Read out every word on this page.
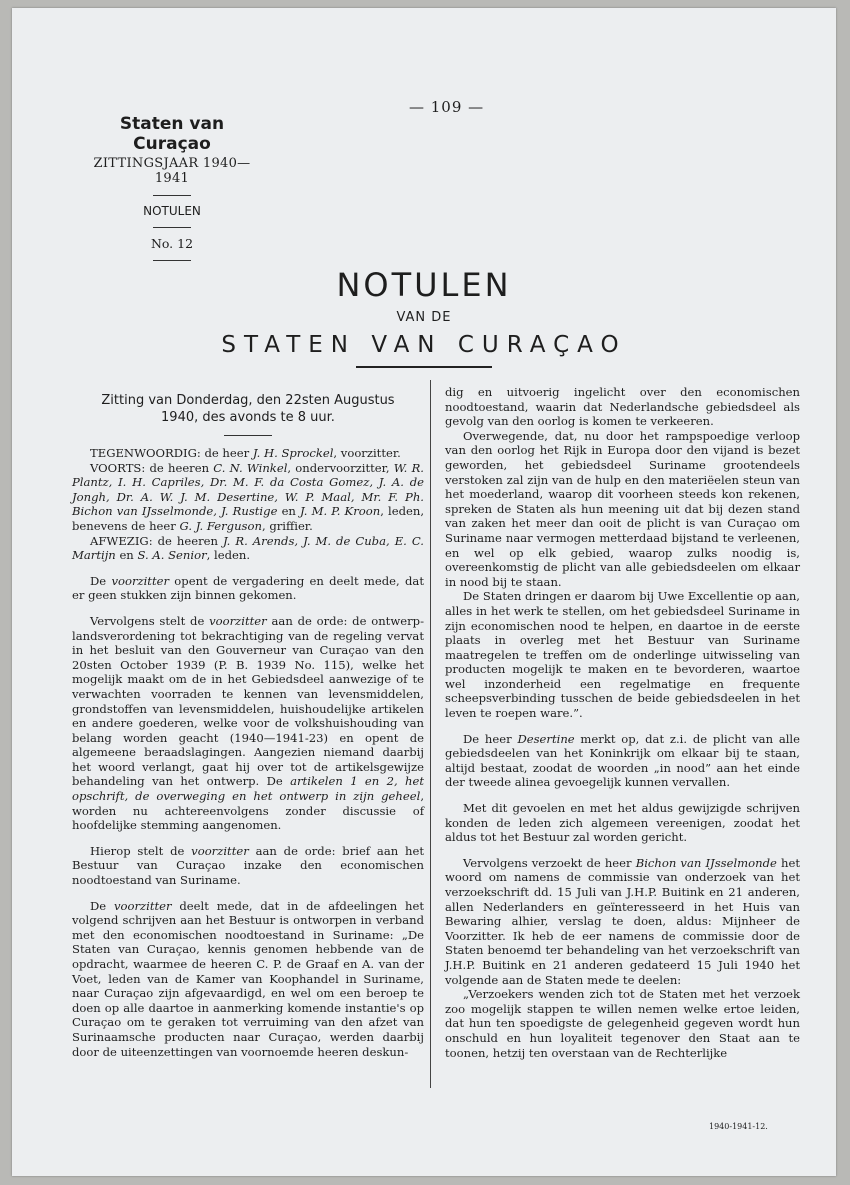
— 109 —
Staten van Curaçao
ZITTINGSJAAR 1940—1941
NOTULEN
No. 12
NOTULEN
VAN DE
STATEN VAN CURAÇAO
Zitting van Donderdag, den 22sten Augustus
1940, des avonds te 8 uur.

TEGENWOORDIG: de heer J. H. Sprockel, voorzitter.

VOORTS: de heeren C. N. Winkel, ondervoorzitter, W. R. Plantz, I. H. Capriles, Dr. M. F. da Costa Gomez, J. A. de Jongh, Dr. A. W. J. M. Desertine, W. P. Maal, Mr. F. Ph. Bichon van IJsselmonde, J. Rustige en J. M. P. Kroon, leden, benevens de heer G. J. Ferguson, griffier.

AFWEZIG: de heeren J. R. Arends, J. M. de Cuba, E. C. Martijn en S. A. Senior, leden.

De voorzitter opent de vergadering en deelt mede, dat er geen stukken zijn binnen gekomen.

Vervolgens stelt de voorzitter aan de orde: de ontwerp-landsverordening tot bekrachtiging van de regeling vervat in het besluit van den Gouverneur van Curaçao van den 20sten October 1939 (P. B. 1939 No. 115), welke het mogelijk maakt om de in het Gebiedsdeel aanwezige of te verwachten voorraden te kennen van levensmiddelen, grondstoffen van levensmiddelen, huishoudelijke artikelen en andere goederen, welke voor de volkshuishouding van belang worden geacht (1940—1941-23) en opent de algemeene beraadslagingen. Aangezien niemand daarbij het woord verlangt, gaat hij over tot de artikelsgewijze behandeling van het ontwerp. De artikelen 1 en 2, het opschrift, de overweging en het ontwerp in zijn geheel, worden nu achtereenvolgens zonder discussie of hoofdelijke stemming aangenomen.

Hierop stelt de voorzitter aan de orde: brief aan het Bestuur van Curaçao inzake den economischen noodtoestand van Suriname.

De voorzitter deelt mede, dat in de afdeelingen het volgend schrijven aan het Bestuur is ontworpen in verband met den economischen noodtoestand in Suriname: „De Staten van Curaçao, kennis genomen hebbende van de opdracht, waarmee de heeren C. P. de Graaf en A. van der Voet, leden van de Kamer van Koophandel in Suriname, naar Curaçao zijn afgevaardigd, en wel om een beroep te doen op alle daartoe in aanmerking komende instantie's op Curaçao om te geraken tot verruiming van den afzet van Surinaamsche producten naar Curaçao, werden daarbij door de uiteenzettingen van voornoemde heeren deskun-

dig en uitvoerig ingelicht over den economischen noodtoestand, waarin dat Nederlandsche gebiedsdeel als gevolg van den oorlog is komen te verkeeren.

Overwegende, dat, nu door het rampspoedige verloop van den oorlog het Rijk in Europa door den vijand is bezet geworden, het gebiedsdeel Suriname grootendeels verstoken zal zijn van de hulp en den materiëelen steun van het moederland, waarop dit voorheen steeds kon rekenen, spreken de Staten als hun meening uit dat bij dezen stand van zaken het meer dan ooit de plicht is van Curaçao om Suriname naar vermogen metterdaad bijstand te verleenen, en wel op elk gebied, waarop zulks noodig is, overeenkomstig de plicht van alle gebiedsdeelen om elkaar in nood bij te staan.

De Staten dringen er daarom bij Uwe Excellentie op aan, alles in het werk te stellen, om het gebiedsdeel Suriname in zijn economischen nood te helpen, en daartoe in de eerste plaats in overleg met het Bestuur van Suriname maatregelen te treffen om de onderlinge uitwisseling van producten mogelijk te maken en te bevorderen, waartoe wel inzonderheid een regelmatige en frequente scheepsverbinding tusschen de beide gebiedsdeelen in het leven te roepen ware.”.

De heer Desertine merkt op, dat z.i. de plicht van alle gebiedsdeelen van het Koninkrijk om elkaar bij te staan, altijd bestaat, zoodat de woorden „in nood” aan het einde der tweede alinea gevoegelijk kunnen vervallen.

Met dit gevoelen en met het aldus gewijzigde schrijven konden de leden zich algemeen vereenigen, zoodat het aldus tot het Bestuur zal worden gericht.

Vervolgens verzoekt de heer Bichon van IJsselmonde het woord om namens de commissie van onderzoek van het verzoekschrift dd. 15 Juli van J.H.P. Buitink en 21 anderen, allen Nederlanders en geïnteresseerd in het Huis van Bewaring alhier, verslag te doen, aldus: Mijnheer de Voorzitter. Ik heb de eer namens de commissie door de Staten benoemd ter behandeling van het verzoekschrift van J.H.P. Buitink en 21 anderen gedateerd 15 Juli 1940 het volgende aan de Staten mede te deelen:

„Verzoekers wenden zich tot de Staten met het verzoek zoo mogelijk stappen te willen nemen welke ertoe leiden, dat hun ten spoedigste de gelegenheid gegeven wordt hun onschuld en hun loyaliteit tegenover den Staat aan te toonen, hetzij ten overstaan van de Rechterlijke

1940-1941-12.
